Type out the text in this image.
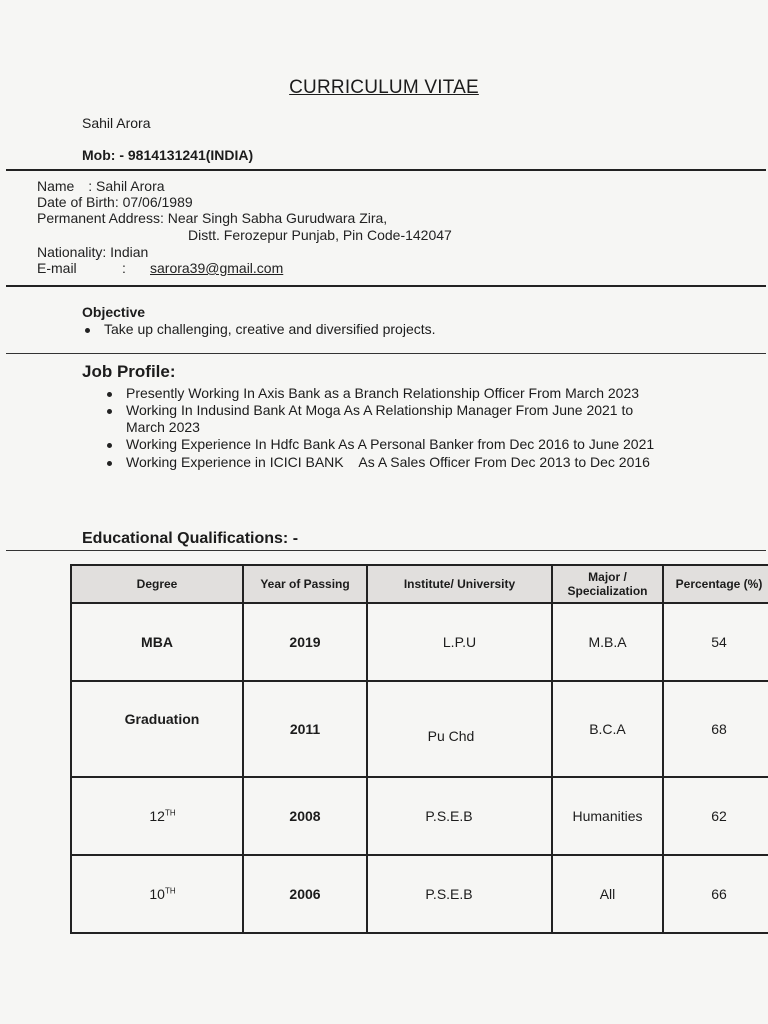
CURRICULUM VITAE
Sahil Arora
Mob: - 9814131241(INDIA)
Name : Sahil Arora
Date of Birth: 07/06/1989
Permanent Address: Near Singh Sabha Gurudwara Zira,
Distt. Ferozepur Punjab, Pin Code-142047
Nationality: Indian
E-mail	: sarora39@gmail.com
Objective
Take up challenging, creative and diversified projects.
Job Profile:
Presently Working In Axis Bank as a Branch Relationship Officer From March 2023
Working In Indusind Bank At Moga As A Relationship Manager From June 2021 to March 2023
Working Experience In Hdfc Bank As A Personal Banker from Dec 2016 to June 2021
Working Experience in ICICI BANK    As A Sales Officer From Dec 2013 to Dec 2016
Educational Qualifications: -
Degree	Year of Passing	Institute/ University	Major / Specialization	Percentage (%)
MBA	2019	L.P.U	M.B.A	54
Graduation	2011	Pu Chd	B.C.A	68
12TH	2008	P.S.E.B	Humanities	62
10TH	2006	P.S.E.B	All	66
